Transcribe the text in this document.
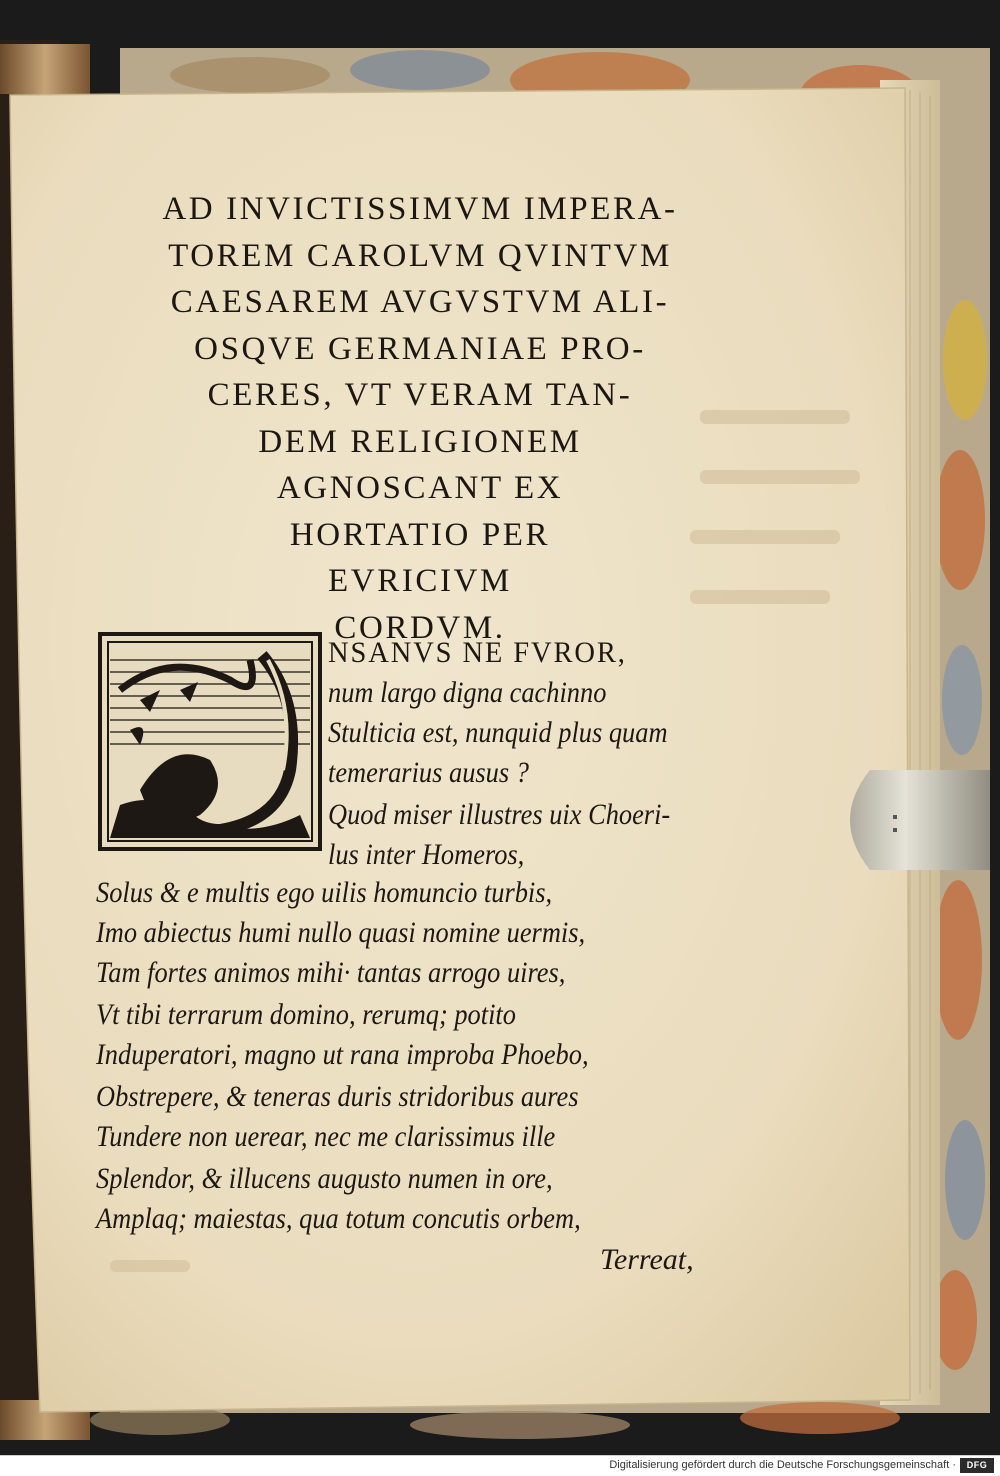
AD INVICTISSIMVM IMPERA-
TOREM CAROLVM QVINTVM
CAESAREM AVGVSTVM ALI-
OSQVE GERMANIAE PRO-
CERES, VT VERAM TAN-
DEM RELIGIONEM
AGNOSCANT EX
HORTATIO PER
EVRICIVM
CORDVM.
NSANVS NE FVROR,
num largo digna cachinno
Stulticia est, nunquid plus quam
temerarius ausus ?
Quod miser illustres uix Choeri-
lus inter Homeros,
Solus & e multis ego uilis homuncio turbis,
Imo abiectus humi nullo quasi nomine uermis,
Tam fortes animos mihi· tantas arrogo uires,
Vt tibi terrarum domino, rerumq; potito
Induperatori, magno ut rana improba Phoebo,
Obstrepere, & teneras duris stridoribus aures
Tundere non uerear, nec me clarissimus ille
Splendor, & illucens augusto numen in ore,
Amplaq; maiestas, qua totum concutis orbem,
Terreat,
Digitalisierung gefördert durch die Deutsche Forschungsgemeinschaft ·	DFG
